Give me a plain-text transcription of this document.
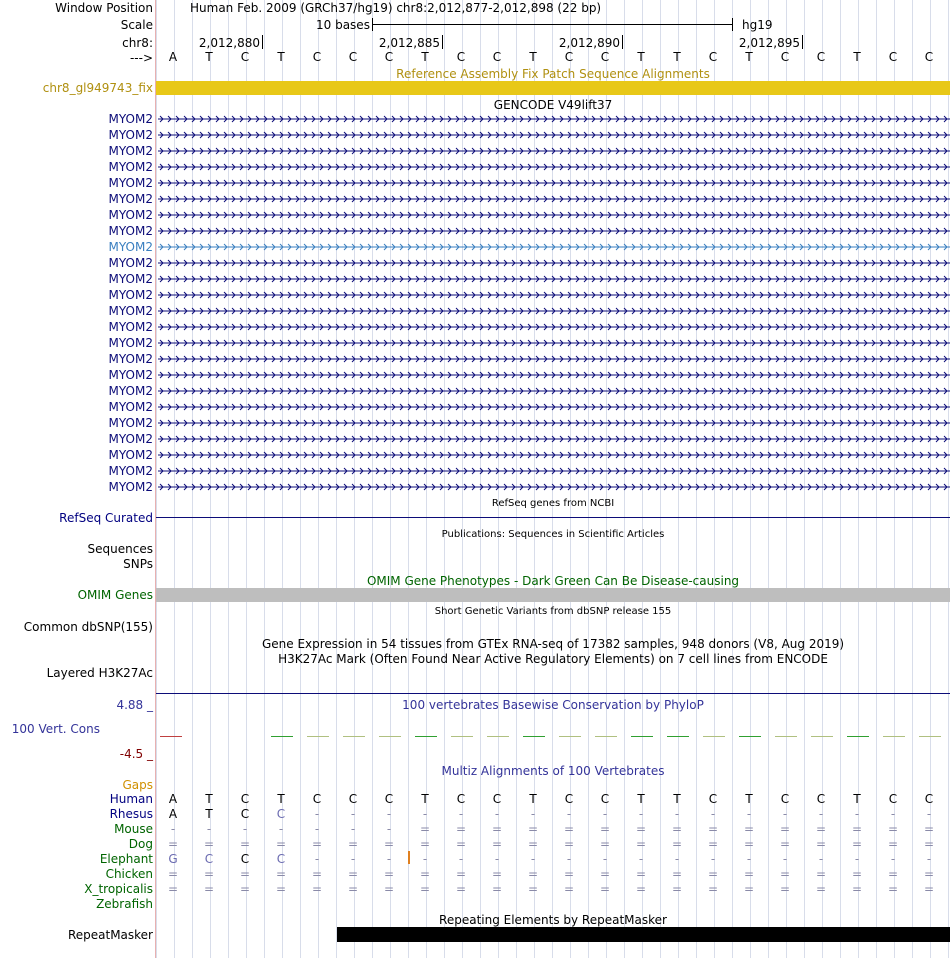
Window Position	Human Feb. 2009 (GRCh37/hg19) chr8:2,012,877-2,012,898 (22 bp)
Scale	10 bases	hg19
chr8:
--->
2,012,880	2,012,885	2,012,890	2,012,895
A T C T C C C T C C T C C T T C T C C T C C
Reference Assembly Fix Patch Sequence Alignments
chr8_gl949743_fix
GENCODE V49lift37
MYOM2
MYOM2
MYOM2
MYOM2
MYOM2
MYOM2
MYOM2
MYOM2
MYOM2
MYOM2
MYOM2
MYOM2
MYOM2
MYOM2
MYOM2
MYOM2
MYOM2
MYOM2
MYOM2
MYOM2
MYOM2
MYOM2
MYOM2
MYOM2
RefSeq genes from NCBI
RefSeq Curated
Publications: Sequences in Scientific Articles
Sequences
SNPs
OMIM Gene Phenotypes - Dark Green Can Be Disease-causing
OMIM Genes
Short Genetic Variants from dbSNP release 155
Common dbSNP(155)
Gene Expression in 54 tissues from GTEx RNA-seq of 17382 samples, 948 donors (V8, Aug 2019)
H3K27Ac Mark (Often Found Near Active Regulatory Elements) on 7 cell lines from ENCODE
Layered H3K27Ac
100 vertebrates Basewise Conservation by PhyloP
4.88 _
100 Vert. Cons
-4.5 _
Multiz Alignments of 100 Vertebrates
Gaps
Human A T C T C C C T C C T C C T T C T C C T C C
Rhesus A T C C	-	-	-	-	-	-	-	-	-	-	-	-	-	-	-	-	-	-
Mouse	-	-	-	-	-	-	-	= = = = = = = = = = = = = = =
Dog = = = = = = = = = = = = = = = = = = = = = =
Elephant G C C C	-	-	-	-	-	-	-	-	-	-	-	-	-	-	-	-	-	-
Chicken = = = = = = = = = = = = = = = = = = = = = =
X_tropicalis = = = = = = = = = = = = = = = = = = = = = =
Zebrafish
Repeating Elements by RepeatMasker
RepeatMasker
